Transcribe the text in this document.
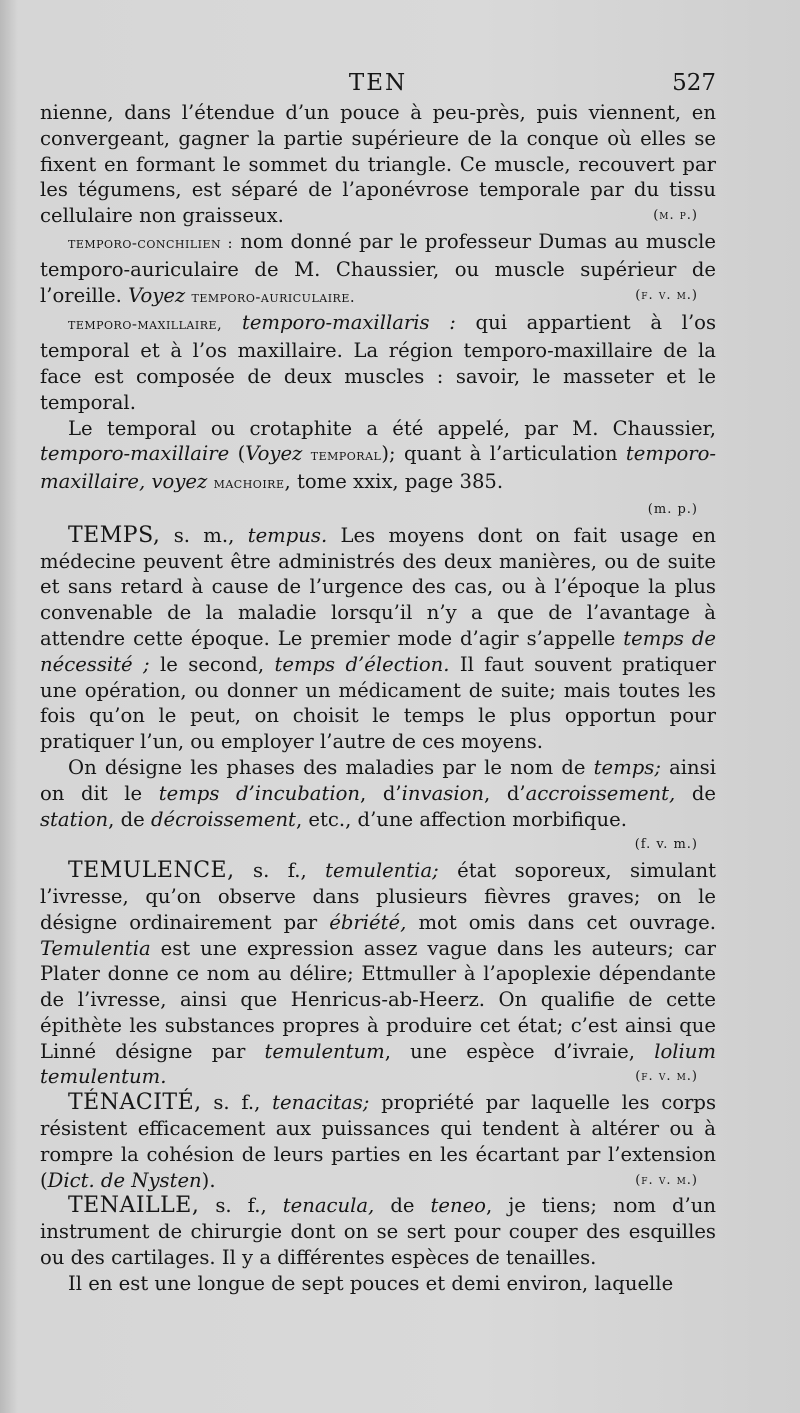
TEN	527

nienne, dans l’étendue d’un pouce à peu-près, puis viennent, en convergeant, gagner la partie supérieure de la conque où elles se fixent en formant le sommet du triangle. Ce muscle, recouvert par les tégumens, est séparé de l’aponévrose temporale par du tissu cellulaire non graisseux.	(m. p.)

temporo-conchilien : nom donné par le professeur Dumas au muscle temporo-auriculaire de M. Chaussier, ou muscle supérieur de l’oreille. Voyez temporo-auriculaire.	(f. v. m.)

temporo-maxillaire, temporo-maxillaris : qui appartient à l’os temporal et à l’os maxillaire. La région temporo-maxillaire de la face est composée de deux muscles : savoir, le masseter et le temporal.

Le temporal ou crotaphite a été appelé, par M. Chaussier, temporo-maxillaire (Voyez temporal); quant à l’articulation temporo-maxillaire, voyez machoire, tome xxix, page 385.

(m. p.)

TEMPS, s. m., tempus. Les moyens dont on fait usage en médecine peuvent être administrés des deux manières, ou de suite et sans retard à cause de l’urgence des cas, ou à l’époque la plus convenable de la maladie lorsqu’il n’y a que de l’avantage à attendre cette époque. Le premier mode d’agir s’appelle temps de nécessité ; le second, temps d’élection. Il faut souvent pratiquer une opération, ou donner un médicament de suite; mais toutes les fois qu’on le peut, on choisit le temps le plus opportun pour pratiquer l’un, ou employer l’autre de ces moyens.

On désigne les phases des maladies par le nom de temps; ainsi on dit le temps d’incubation, d’invasion, d’accroissement, de station, de décroissement, etc., d’une affection morbifique.

(f. v. m.)

TEMULENCE, s. f., temulentia; état soporeux, simulant l’ivresse, qu’on observe dans plusieurs fièvres graves; on le désigne ordinairement par ébriété, mot omis dans cet ouvrage. Temulentia est une expression assez vague dans les auteurs; car Plater donne ce nom au délire; Ettmuller à l’apoplexie dépendante de l’ivresse, ainsi que Henricus-ab-Heerz. On qualifie de cette épithète les substances propres à produire cet état; c’est ainsi que Linné désigne par temulentum, une espèce d’ivraie, lolium temulentum.	(f. v. m.)

TÉNACITÉ, s. f., tenacitas; propriété par laquelle les corps résistent efficacement aux puissances qui tendent à altérer ou à rompre la cohésion de leurs parties en les écartant par l’extension (Dict. de Nysten).	(f. v. m.)

TENAILLE, s. f., tenacula, de teneo, je tiens; nom d’un instrument de chirurgie dont on se sert pour couper des esquilles ou des cartilages. Il y a différentes espèces de tenailles.

Il en est une longue de sept pouces et demi environ, laquelle
